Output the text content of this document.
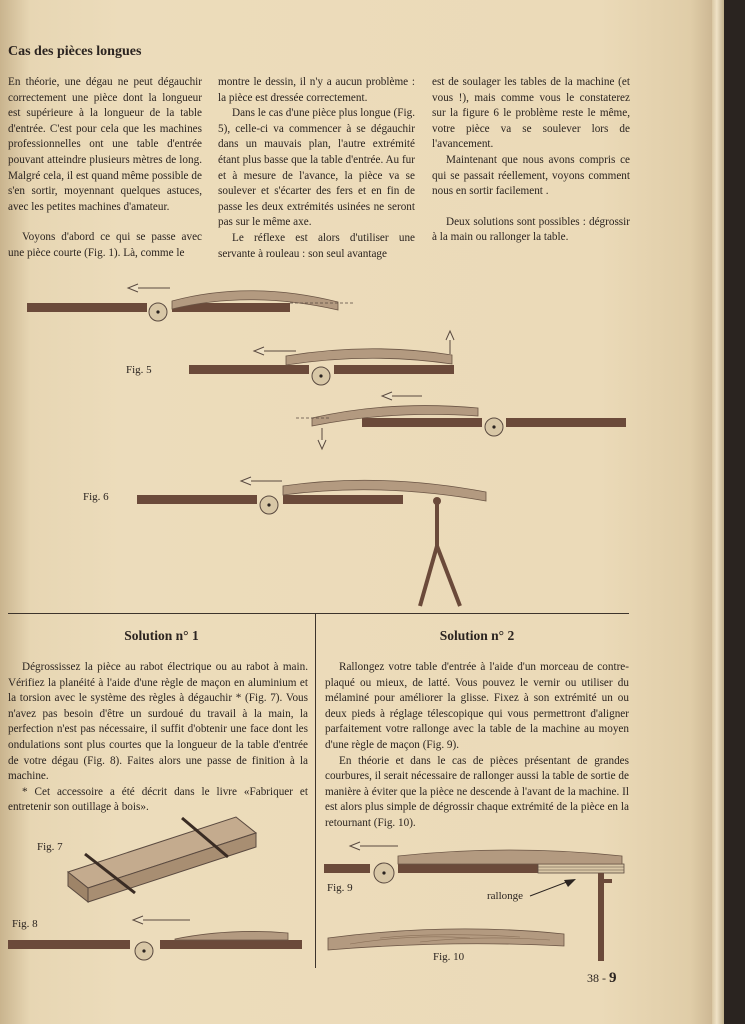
Cas des pièces longues

En théorie, une dégau ne peut dégauchir correctement une pièce dont la longueur est supérieure à la longueur de la table d'entrée. C'est pour cela que les machines professionnelles ont une table d'entrée pouvant atteindre plusieurs mètres de long. Malgré cela, il est quand même possible de s'en sortir, moyennant quelques astuces, avec les petites machines d'amateur.

Voyons d'abord ce qui se passe avec une pièce courte (Fig. 1). Là, comme le

montre le dessin, il n'y a aucun problème : la pièce est dressée correctement.

Dans le cas d'une pièce plus longue (Fig. 5), celle-ci va commencer à se dégauchir dans un mauvais plan, l'autre extrémité étant plus basse que la table d'entrée. Au fur et à mesure de l'avance, la pièce va se soulever et s'écarter des fers et en fin de passe les deux extrémités usinées ne seront pas sur le même axe.

Le réflexe est alors d'utiliser une servante à rouleau : son seul avantage

est de soulager les tables de la machine (et vous !), mais comme vous le constaterez sur la figure 6 le problème reste le même, votre pièce va se soulever lors de l'avancement.

Maintenant que nous avons compris ce qui se passait réellement, voyons comment nous en sortir facilement .

Deux solutions sont possibles : dégrossir à la main ou rallonger la table.

Fig. 5

Fig. 6

Solution n° 1	Solution n° 2

Dégrossissez la pièce au rabot électrique ou au rabot à main. Vérifiez la planéité à l'aide d'une règle de maçon en aluminium et la torsion avec le système des règles à dégauchir * (Fig. 7). Vous n'avez pas besoin d'être un surdoué du travail à la main, la perfection n'est pas nécessaire, il suffit d'obtenir une face dont les ondulations sont plus courtes que la longueur de la table d'entrée de votre dégau (Fig. 8). Faites alors une passe de finition à la machine.

* Cet accessoire a été décrit dans le livre «Fabriquer et entretenir son outillage à bois».

Rallongez votre table d'entrée à l'aide d'un morceau de contre-plaqué ou mieux, de latté. Vous pouvez le vernir ou utiliser du mélaminé pour améliorer la glisse. Fixez à son extrémité un ou deux pieds à réglage télescopique qui vous permettront d'aligner parfaitement votre rallonge avec la table de la machine au moyen d'une règle de maçon (Fig. 9).

En théorie et dans le cas de pièces présentant de grandes courbures, il serait nécessaire de rallonger aussi la table de sortie de manière à éviter que la pièce ne descende à l'avant de la machine. Il est alors plus simple de dégrossir chaque extrémité de la pièce en la retournant (Fig. 10).

Fig. 7

Fig. 8

Fig. 9

Fig. 10

rallonge
38 - 9
